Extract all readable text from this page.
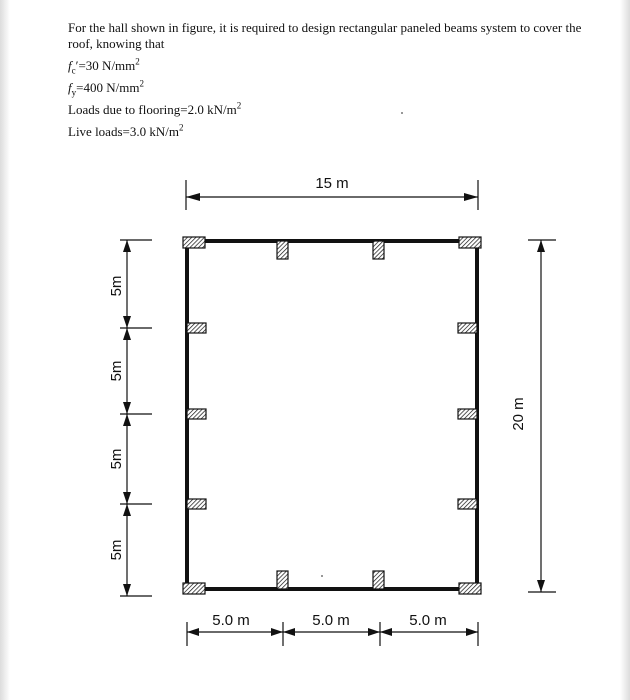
For the hall shown in figure, it is required to design rectangular paneled beams system to cover the roof, knowing that
$f_c'=30$ $N/mm^2$
$f_y=400$ $N/mm^2$
Loads due to flooring=2.0 $kN/m^2$
Live loads=3.0 $kN/m^2$
15 m
5m
5m
5m
5m
20 m
5.0 m	5.0 m	5.0 m
